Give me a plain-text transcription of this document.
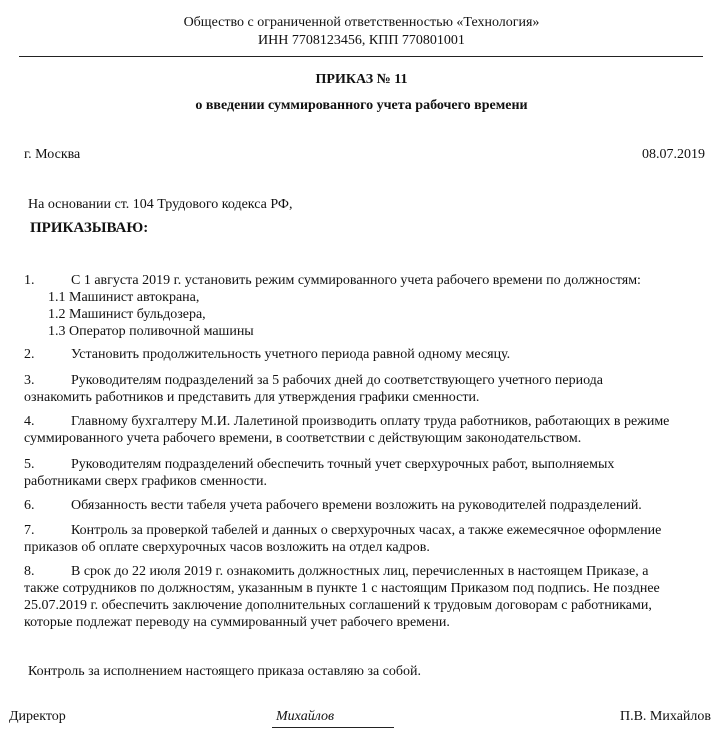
Общество с ограниченной ответственностью «Технология»
ИНН 7708123456, КПП 770801001
ПРИКАЗ № 11
о введении суммированного учета рабочего времени
г. Москва	08.07.2019
На основании ст. 104 Трудового кодекса РФ,
ПРИКАЗЫВАЮ:
1.	С 1 августа 2019 г. установить режим суммированного учета рабочего времени по должностям:
1.1 Машинист автокрана,
1.2 Машинист бульдозера,
1.3 Оператор поливочной машины
2.	Установить продолжительность учетного периода равной одному месяцу.
3.	Руководителям подразделений за 5 рабочих дней до соответствующего учетного периода
ознакомить работников и представить для утверждения графики сменности.
4.	Главному бухгалтеру М.И. Лалетиной производить оплату труда работников, работающих в режиме
суммированного учета рабочего времени, в соответствии с действующим законодательством.
5.	Руководителям подразделений обеспечить точный учет сверхурочных работ, выполняемых
работниками сверх графиков сменности.
6.	Обязанность вести табеля учета рабочего времени возложить на руководителей подразделений.
7.	Контроль за проверкой табелей и данных о сверхурочных часах, а также ежемесячное оформление
приказов об оплате сверхурочных часов возложить на отдел кадров.
8.	В срок до 22 июля 2019 г. ознакомить должностных лиц, перечисленных в настоящем Приказе, а
также сотрудников по должностям, указанным в пункте 1 с настоящим Приказом под подпись. Не позднее
25.07.2019 г. обеспечить заключение дополнительных соглашений к трудовым договорам с работниками,
которые подлежат переводу на суммированный учет рабочего времени.
Контроль за исполнением настоящего приказа оставляю за собой.
Директор	Михайлов	П.В. Михайлов
